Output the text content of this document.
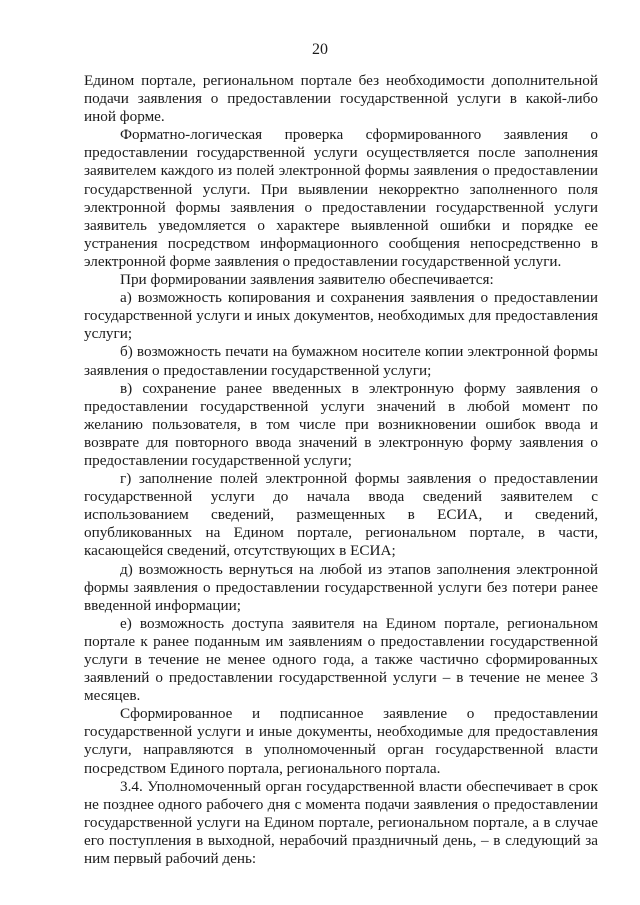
20

Едином портале, региональном портале без необходимости дополнительной подачи заявления о предоставлении государственной услуги в какой-либо иной форме.

Форматно-логическая проверка сформированного заявления о предоставлении государственной услуги осуществляется после заполнения заявителем каждого из полей электронной формы заявления о предоставлении государственной услуги. При выявлении некорректно заполненного поля электронной формы заявления о предоставлении государственной услуги заявитель уведомляется о характере выявленной ошибки и порядке ее устранения посредством информационного сообщения непосредственно в электронной форме заявления о предоставлении государственной услуги.

При формировании заявления заявителю обеспечивается:

а) возможность копирования и сохранения заявления о предоставлении государственной услуги и иных документов, необходимых для предоставления услуги;

б) возможность печати на бумажном носителе копии электронной формы заявления о предоставлении государственной услуги;

в) сохранение ранее введенных в электронную форму заявления о предоставлении государственной услуги значений в любой момент по желанию пользователя, в том числе при возникновении ошибок ввода и возврате для повторного ввода значений в электронную форму заявления о предоставлении государственной услуги;

г) заполнение полей электронной формы заявления о предоставлении государственной услуги до начала ввода сведений заявителем с использованием сведений, размещенных в ЕСИА, и сведений, опубликованных на Едином портале, региональном портале, в части, касающейся сведений, отсутствующих в ЕСИА;

д) возможность вернуться на любой из этапов заполнения электронной формы заявления о предоставлении государственной услуги без потери ранее введенной информации;

е) возможность доступа заявителя на Едином портале, региональном портале к ранее поданным им заявлениям о предоставлении государственной услуги в течение не менее одного года, а также частично сформированных заявлений о предоставлении государственной услуги – в течение не менее 3 месяцев.

Сформированное и подписанное заявление о предоставлении государственной услуги и иные документы, необходимые для предоставления услуги, направляются в уполномоченный орган государственной власти посредством Единого портала, регионального портала.

3.4. Уполномоченный орган государственной власти обеспечивает в срок не позднее одного рабочего дня с момента подачи заявления о предоставлении государственной услуги на Едином портале, региональном портале, а в случае его поступления в выходной, нерабочий праздничный день, – в следующий за ним первый рабочий день:
